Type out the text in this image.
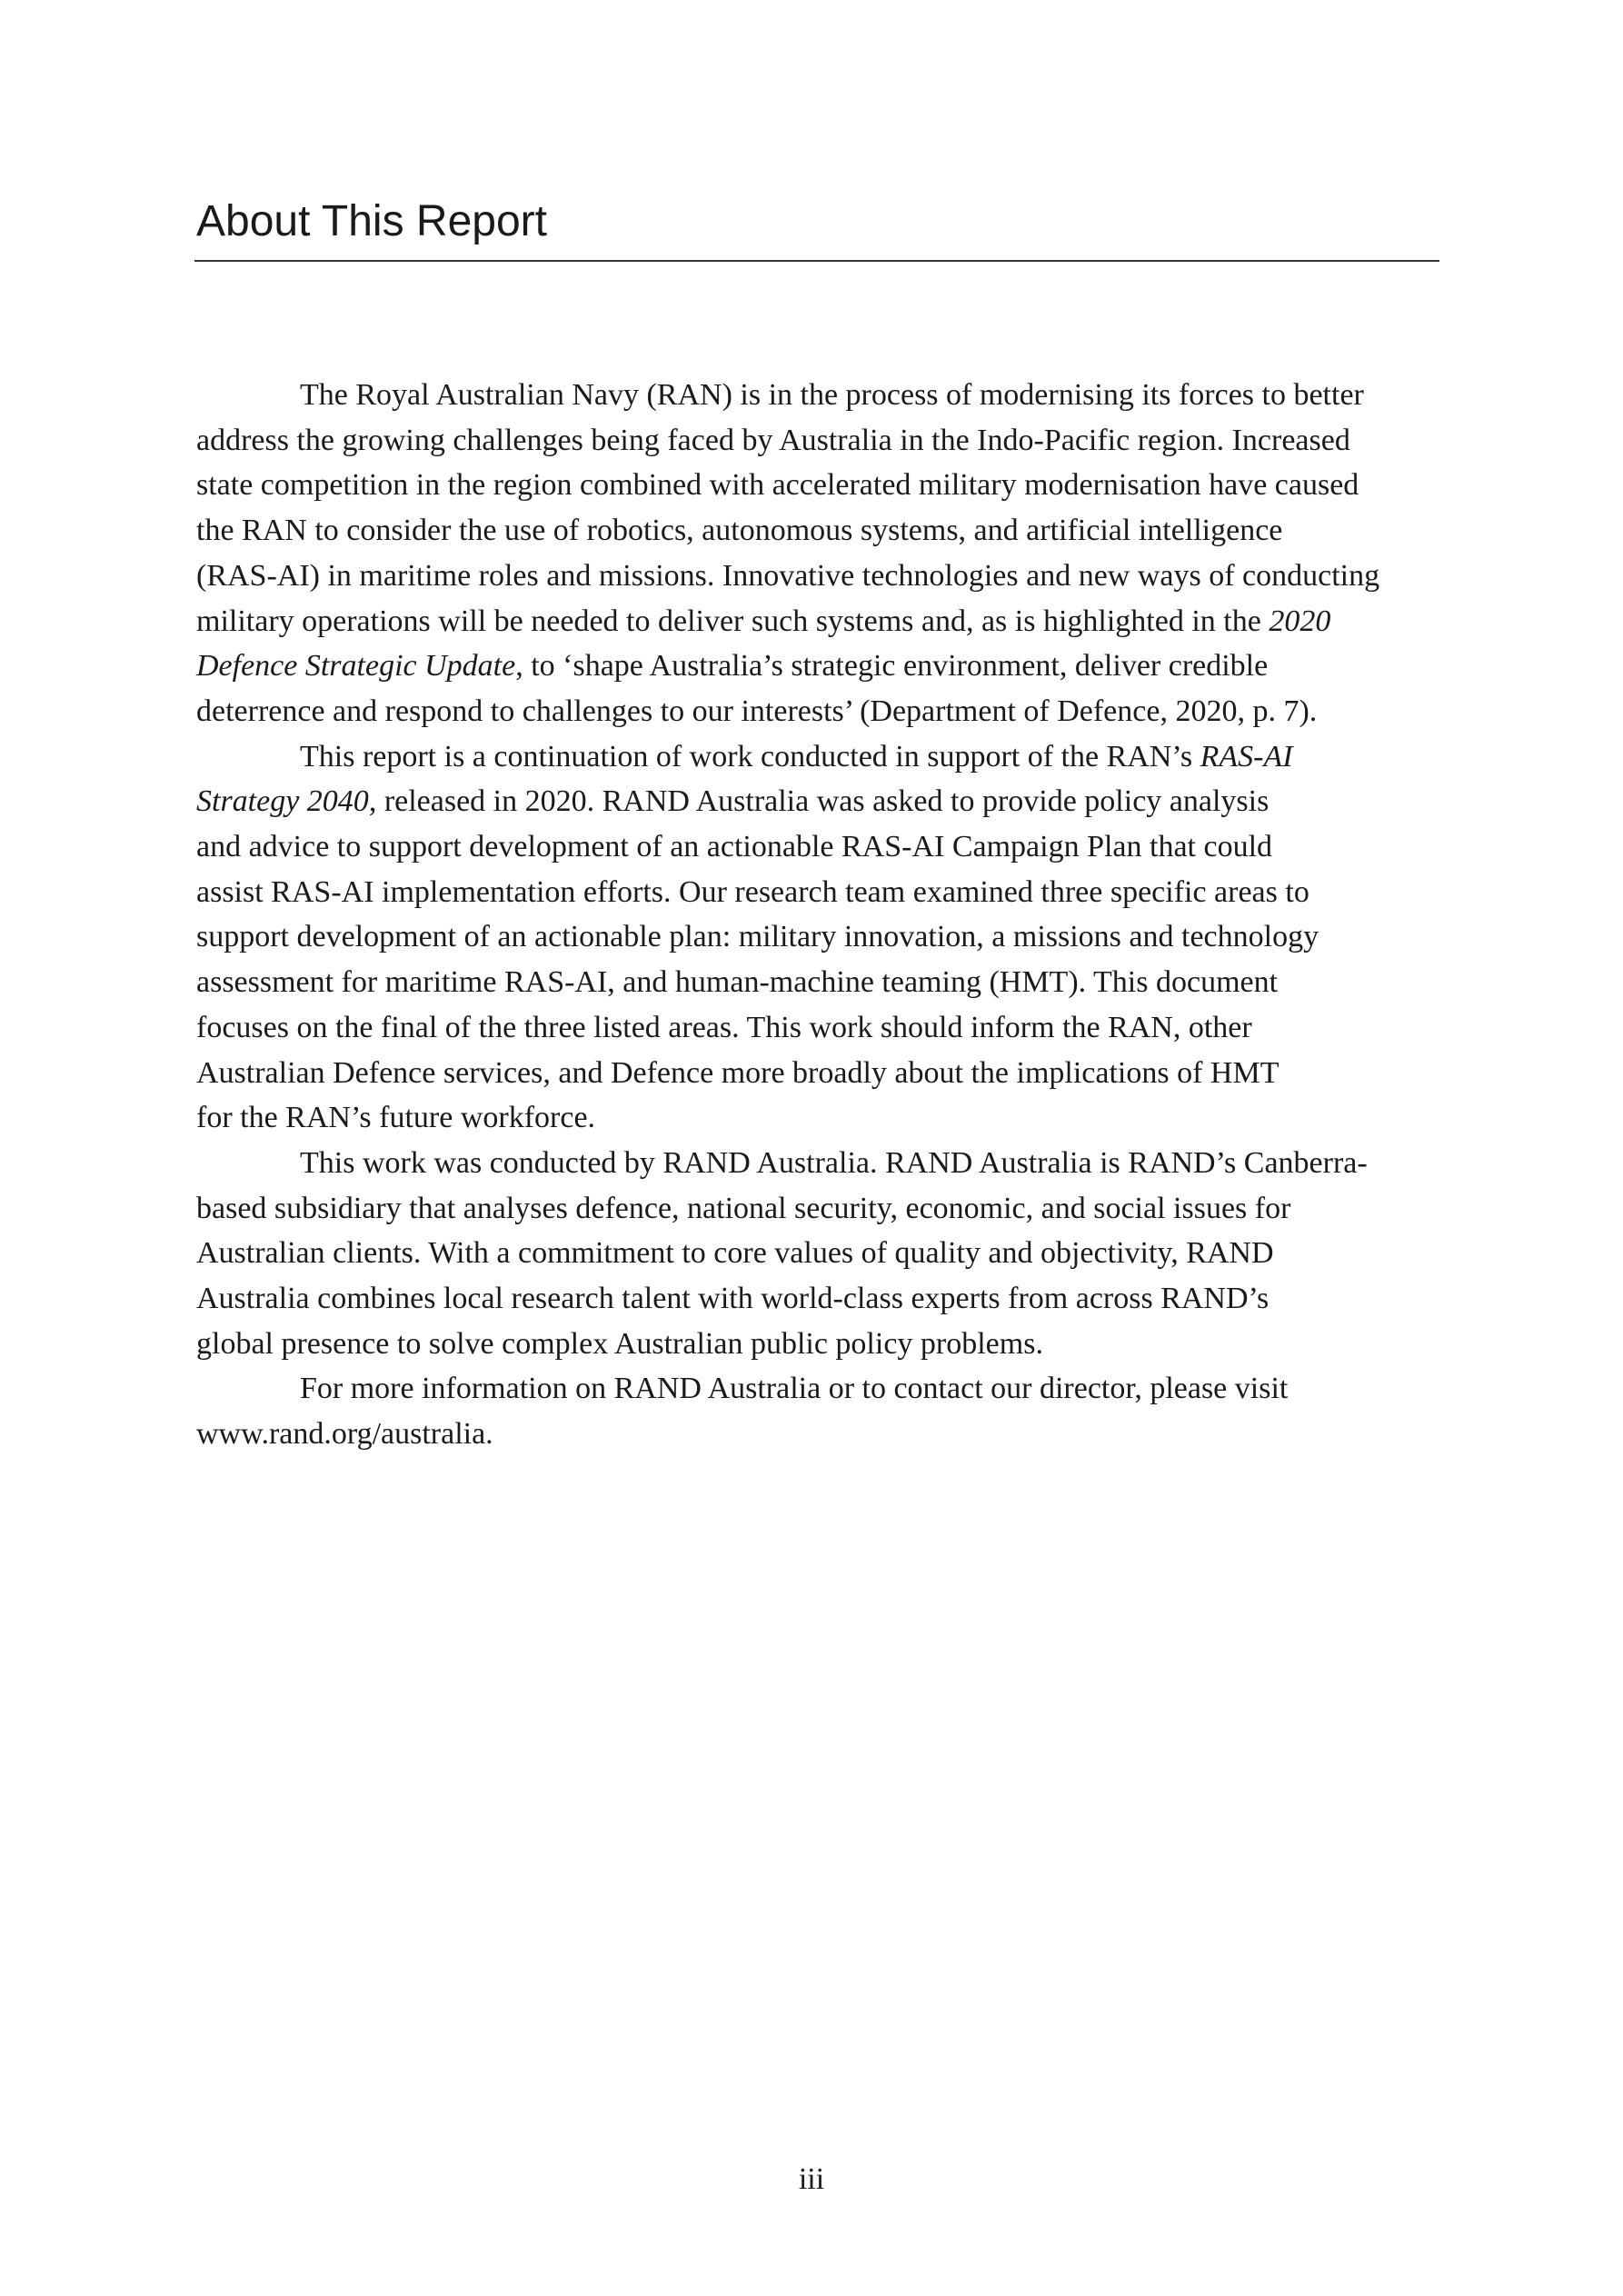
About This Report

The Royal Australian Navy (RAN) is in the process of modernising its forces to better
address the growing challenges being faced by Australia in the Indo-Pacific region. Increased
state competition in the region combined with accelerated military modernisation have caused
the RAN to consider the use of robotics, autonomous systems, and artificial intelligence
(RAS-AI) in maritime roles and missions. Innovative technologies and new ways of conducting
military operations will be needed to deliver such systems and, as is highlighted in the 2020
Defence Strategic Update, to ‘shape Australia’s strategic environment, deliver credible
deterrence and respond to challenges to our interests’ (Department of Defence, 2020, p. 7).

This report is a continuation of work conducted in support of the RAN’s RAS-AI
Strategy 2040, released in 2020. RAND Australia was asked to provide policy analysis
and advice to support development of an actionable RAS-AI Campaign Plan that could
assist RAS-AI implementation efforts. Our research team examined three specific areas to
support development of an actionable plan: military innovation, a missions and technology
assessment for maritime RAS-AI, and human-machine teaming (HMT). This document
focuses on the final of the three listed areas. This work should inform the RAN, other
Australian Defence services, and Defence more broadly about the implications of HMT
for the RAN’s future workforce.

This work was conducted by RAND Australia. RAND Australia is RAND’s Canberra-
based subsidiary that analyses defence, national security, economic, and social issues for
Australian clients. With a commitment to core values of quality and objectivity, RAND
Australia combines local research talent with world-class experts from across RAND’s
global presence to solve complex Australian public policy problems.

For more information on RAND Australia or to contact our director, please visit
www.rand.org/australia.

iii
